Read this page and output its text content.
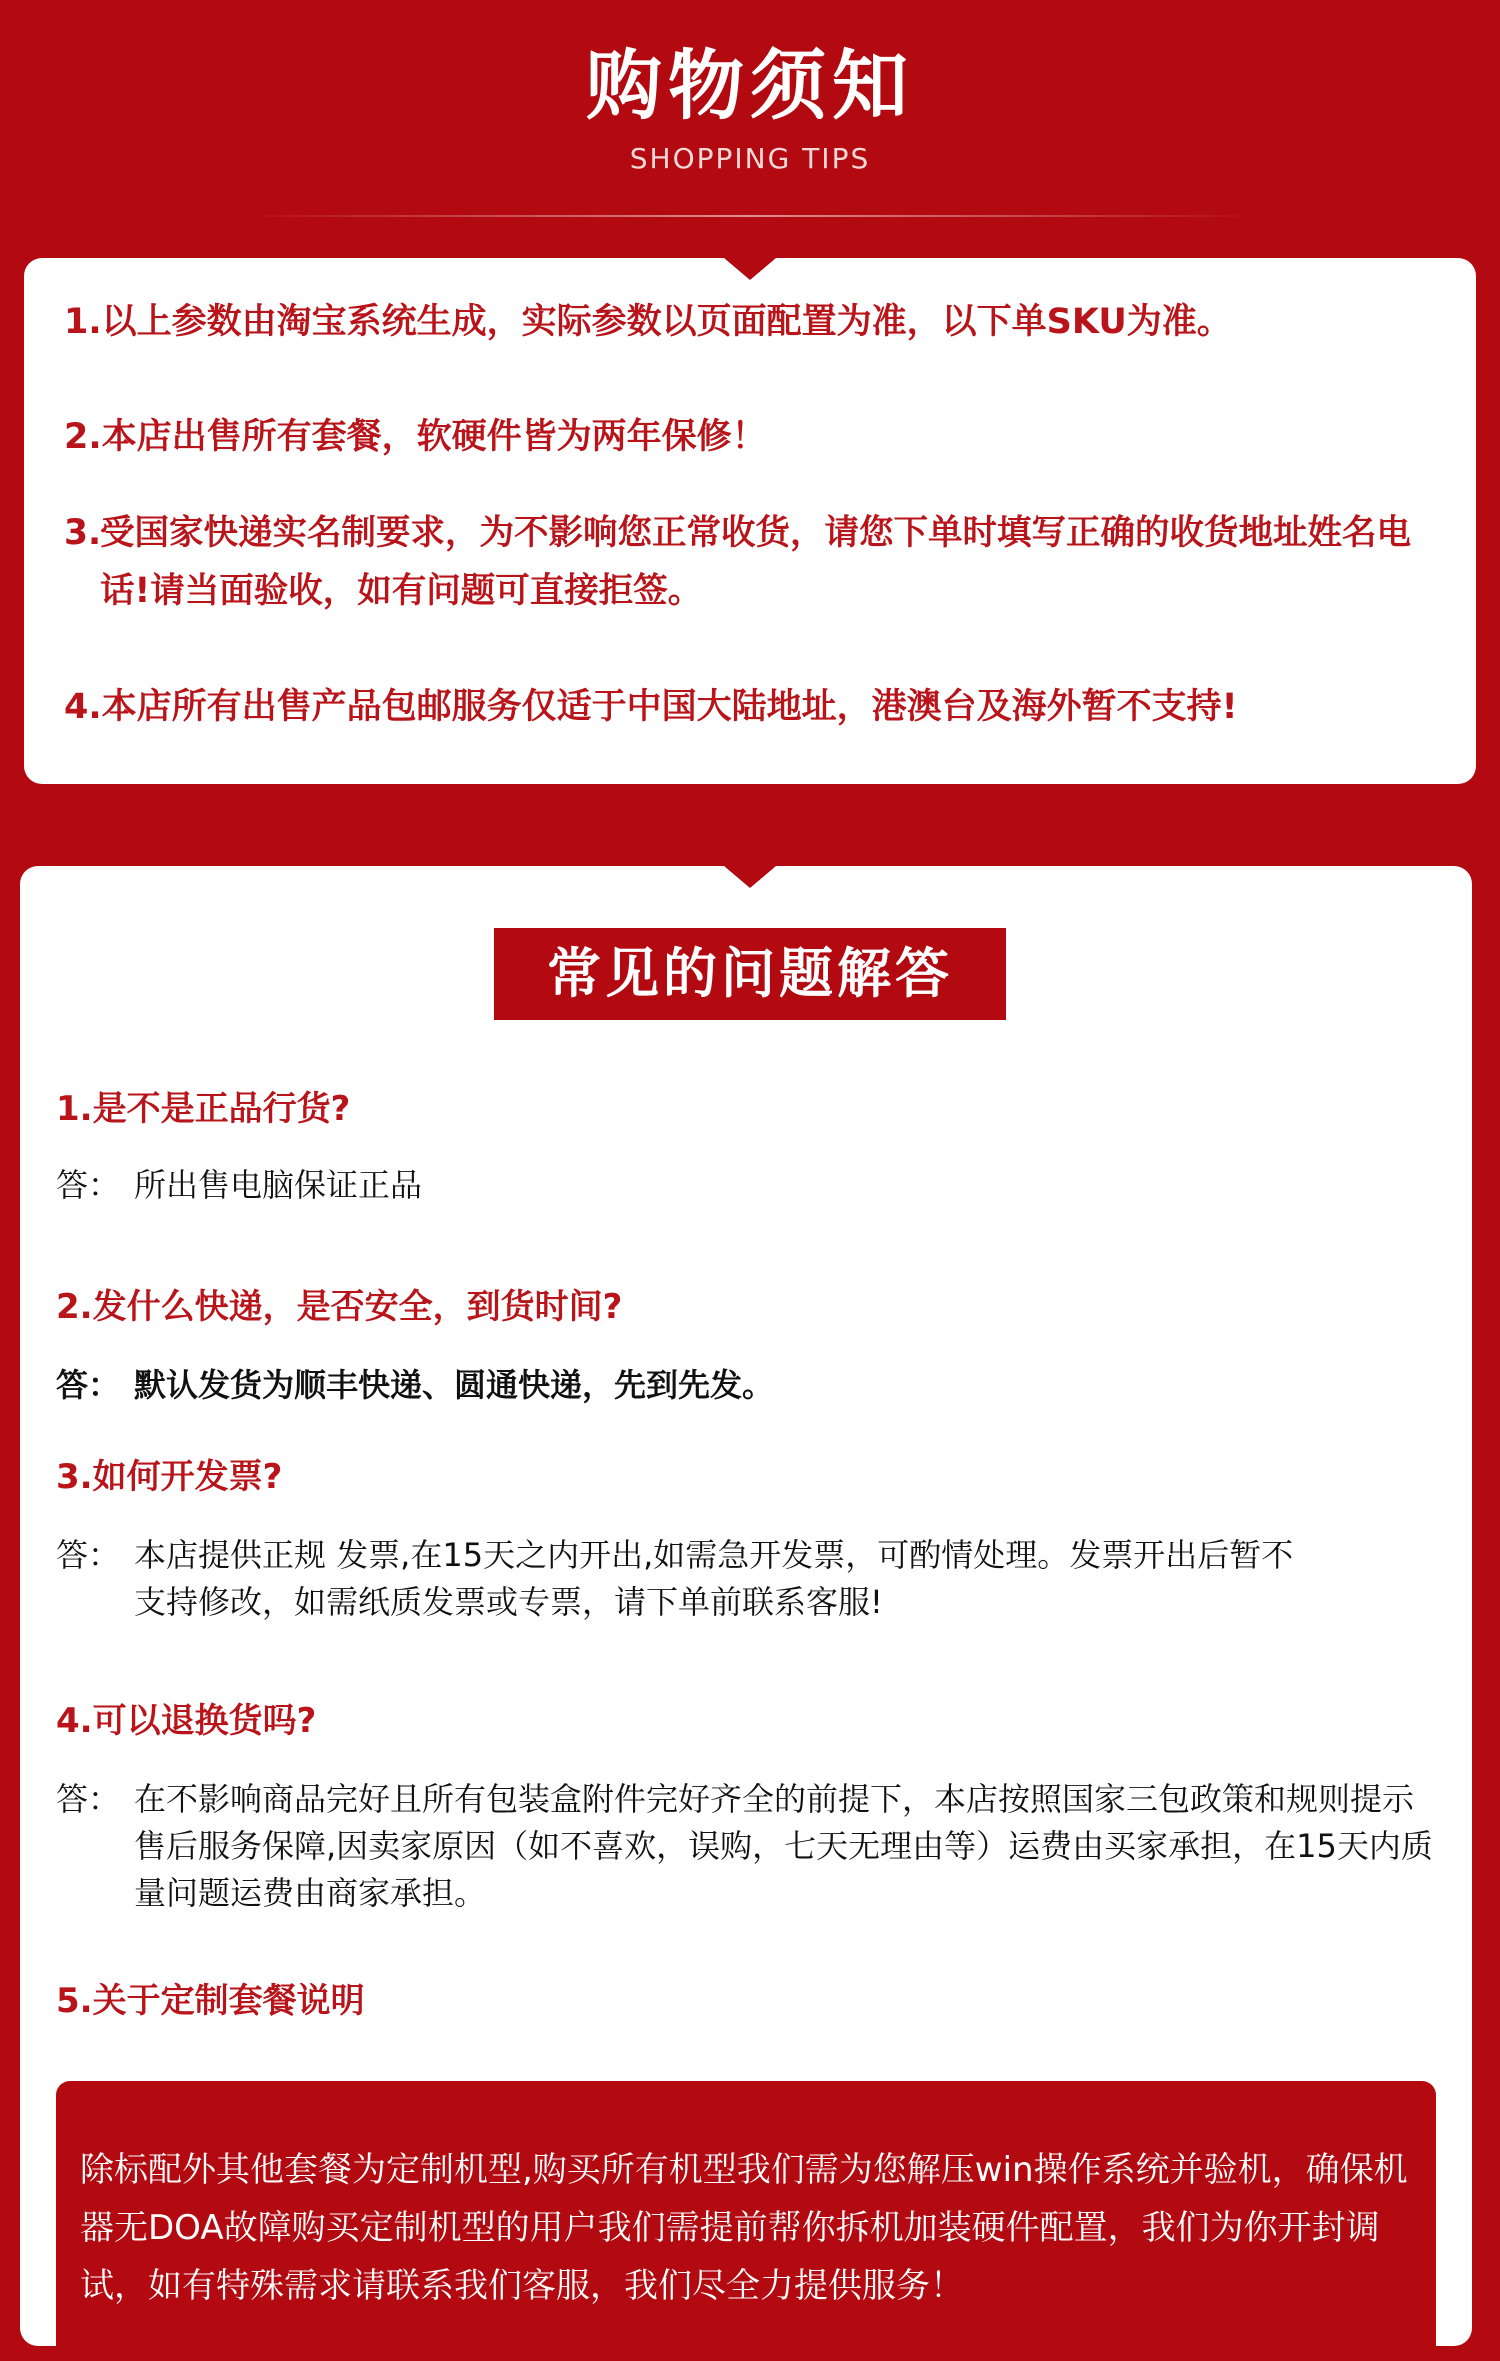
购物须知
SHOPPING TIPS
1.以上参数由淘宝系统生成，实际参数以页面配置为准，以下单SKU为准。
2.本店出售所有套餐，软硬件皆为两年保修！
3.
受国家快递实名制要求，为不影响您正常收货，请您下单时填写正确的收货地址姓名电话!请当面验收，如有问题可直接拒签。
4.本店所有出售产品包邮服务仅适于中国大陆地址，港澳台及海外暂不支持!
常见的问题解答
1.是不是正品行货?
答： 所出售电脑保证正品
2.发什么快递，是否安全，到货时间?
答： 默认发货为顺丰快递、圆通快递，先到先发。
3.如何开发票?
答： 本店提供正规 发票,在15天之内开出,如需急开发票，可酌情处理。发票开出后暂不支持修改，如需纸质发票或专票，请下单前联系客服!
4.可以退换货吗?
答： 在不影响商品完好且所有包装盒附件完好齐全的前提下，本店按照国家三包政策和规则提示售后服务保障,因卖家原因（如不喜欢，误购，七天无理由等）运费由买家承担，在15天内质量问题运费由商家承担。
5.关于定制套餐说明
除标配外其他套餐为定制机型,购买所有机型我们需为您解压win操作系统并验机，确保机器无DOA故障购买定制机型的用户我们需提前帮你拆机加装硬件配置，我们为你开封调试，如有特殊需求请联系我们客服，我们尽全力提供服务！
